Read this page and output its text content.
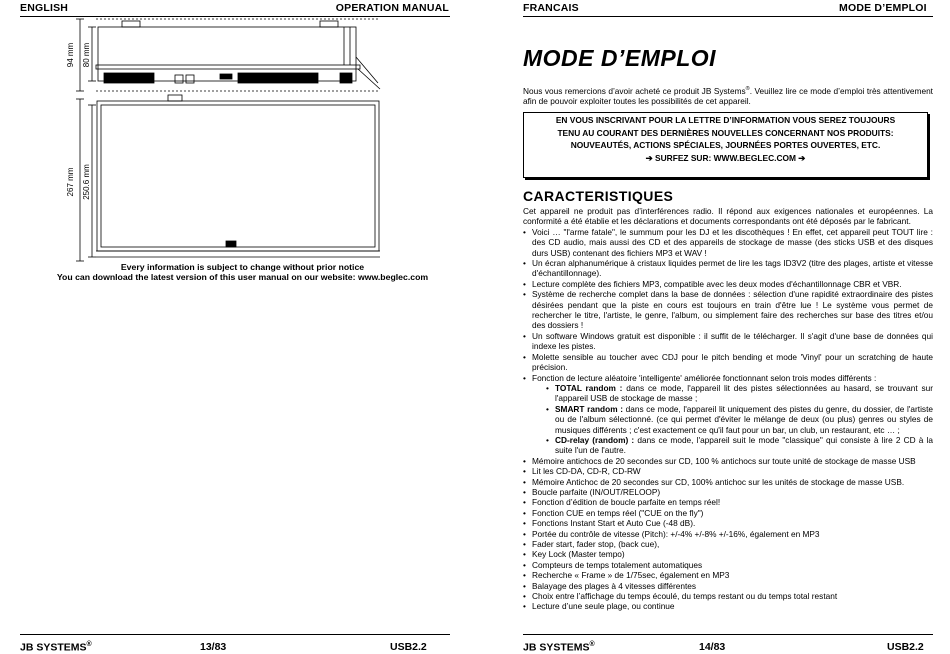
ENGLISH	OPERATION MANUAL
94 mm 80 mm
267 mm 250.6 mm
Every information is subject to change without prior notice
You can download the latest version of this user manual on our website: www.beglec.com
JB SYSTEMS®	13/83	USB2.2
FRANCAIS	MODE D’EMPLOI
MODE D’EMPLOI
Nous vous remercions d’avoir acheté ce produit JB Systems®. Veuillez lire ce mode d’emploi très attentivement afin de pouvoir exploiter toutes les possibilités de cet appareil.
EN VOUS INSCRIVANT POUR LA LETTRE D’INFORMATION VOUS SEREZ TOUJOURS
TENU AU COURANT DES DERNIÈRES NOUVELLES CONCERNANT NOS PRODUITS:
NOUVEAUTÉS, ACTIONS SPÉCIALES, JOURNÉES PORTES OUVERTES, ETC.
➔ SURFEZ SUR: WWW.BEGLEC.COM ➔
CARACTERISTIQUES

Cet appareil ne produit pas d’interférences radio. Il répond aux exigences nationales et européennes. La conformité a été établie et les déclarations et documents correspondants ont été déposés par le fabricant.

• Voici … "l'arme fatale", le summum pour les DJ et les discothèques ! En effet, cet appareil peut TOUT lire : des CD audio, mais aussi des CD et des appareils de stockage de masse (des sticks USB et des disques durs USB) contenant des fichiers MP3 et WAV !
• Un écran alphanumérique à cristaux liquides permet de lire les tags ID3V2 (titre des plages, artiste et vitesse d'échantillonnage).
• Lecture complète des fichiers MP3, compatible avec les deux modes d'échantillonnage CBR et VBR.
• Système de recherche complet dans la base de données : sélection d'une rapidité extraordinaire des pistes désirées pendant que la piste en cours est toujours en train d'être lue ! Le système vous permet de rechercher le titre, l'artiste, le genre, l'album, ou simplement faire des recherches sur base des titres et/ou des dossiers !
• Un software Windows gratuit est disponible : il suffit de le télécharger. Il s'agit d'une base de données qui indexe les pistes.
• Molette sensible au toucher avec CDJ pour le pitch bending et mode 'Vinyl' pour un scratching de haute précision.
• Fonction de lecture aléatoire 'intelligente' améliorée fonctionnant selon trois modes différents :
• TOTAL random : dans ce mode, l'appareil lit des pistes sélectionnées au hasard, se trouvant sur l'appareil USB de stockage de masse ;
• SMART random : dans ce mode, l'appareil lit uniquement des pistes du genre, du dossier, de l'artiste ou de l'album sélectionné. (ce qui permet d'éviter le mélange de deux (ou plus) genres ou styles de musiques différents ; c'est exactement ce qu'il faut pour un bar, un club, un restaurant, etc … ;
• CD-relay (random) : dans ce mode, l'appareil suit le mode "classique" qui consiste à lire 2 CD à la suite l'un de l'autre.
• Mémoire antichocs de 20 secondes sur CD, 100 % antichocs sur toute unité de stockage de masse USB
• Lit les CD-DA, CD-R, CD-RW
• Mémoire Antichoc de 20 secondes sur CD, 100% antichoc sur les unités de stockage de masse USB.
• Boucle parfaite (IN/OUT/RELOOP)
• Fonction d’édition de boucle parfaite en temps réel!
• Fonction CUE en temps réel ("CUE on the fly")
• Fonctions Instant Start et Auto Cue (-48 dB).
• Portée du contrôle de vitesse (Pitch): +/-4% +/-8% +/-16%, également en MP3
• Fader start, fader stop, (back cue),
• Key Lock (Master tempo)
• Compteurs de temps totalement automatiques
• Recherche « Frame » de 1/75sec, également en MP3
• Balayage des plages à 4 vitesses différentes
• Choix entre l’affichage du temps écoulé, du temps restant ou du temps total restant
• Lecture d’une seule plage, ou continue
JB SYSTEMS®	14/83	USB2.2
